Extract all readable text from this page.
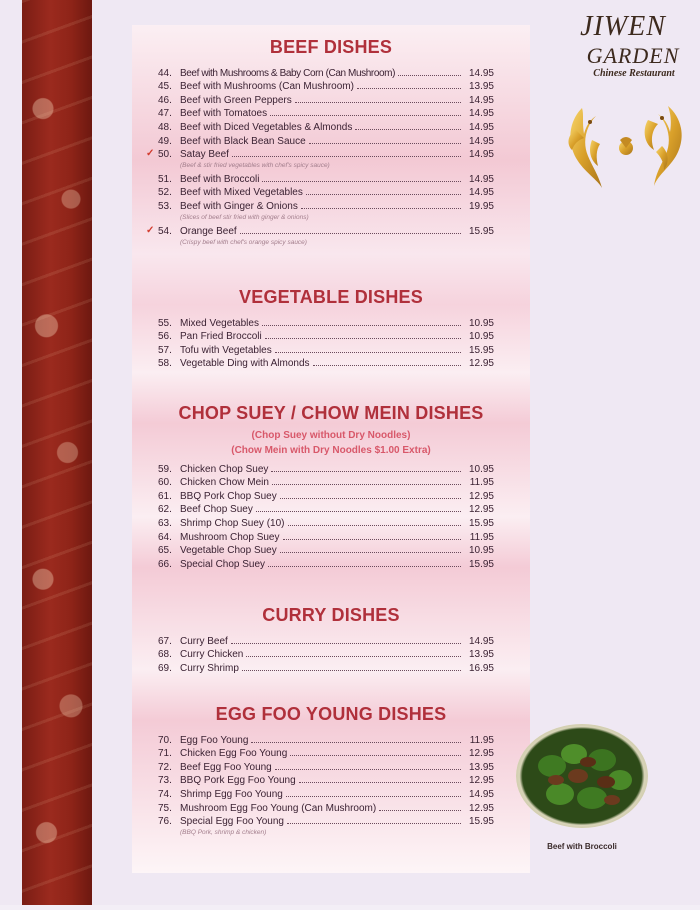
BEEF DISHES
44. Beef with Mushrooms & Baby Corn (Can Mushroom)	14.95
45. Beef with Mushrooms (Can Mushroom)	13.95
46. Beef with Green Peppers	14.95
47. Beef with Tomatoes	14.95
48. Beef with Diced Vegetables & Almonds	14.95
49. Beef with Black Bean Sauce	14.95
✓ 50. Satay Beef	14.95
(Beef & stir fried vegetables with chef's spicy sauce)
51. Beef with Broccoli	14.95
52. Beef with Mixed Vegetables	14.95
53. Beef with Ginger & Onions	19.95
(Slices of beef stir fried with ginger & onions)
✓ 54. Orange Beef	15.95
(Crispy beef with chef's orange spicy sauce)
VEGETABLE DISHES
55. Mixed Vegetables	10.95
56. Pan Fried Broccoli	10.95
57. Tofu with Vegetables	15.95
58. Vegetable Ding with Almonds	12.95
CHOP SUEY / CHOW MEIN DISHES
(Chop Suey without Dry Noodles)
(Chow Mein with Dry Noodles $1.00 Extra)
59. Chicken Chop Suey	10.95
60. Chicken Chow Mein	11.95
61. BBQ Pork Chop Suey	12.95
62. Beef Chop Suey	12.95
63. Shrimp Chop Suey (10)	15.95
64. Mushroom Chop Suey	11.95
65. Vegetable Chop Suey	10.95
66. Special Chop Suey	15.95
CURRY DISHES
67. Curry Beef	14.95
68. Curry Chicken	13.95
69. Curry Shrimp	16.95
EGG FOO YOUNG DISHES
70. Egg Foo Young	11.95
71. Chicken Egg Foo Young	12.95
72. Beef Egg Foo Young	13.95
73. BBQ Pork Egg Foo Young	12.95
74. Shrimp Egg Foo Young	14.95
75. Mushroom Egg Foo Young (Can Mushroom)	12.95
76. Special Egg Foo Young	15.95
(BBQ Pork, shrimp & chicken)
JIWEN
GARDEN
Chinese Restaurant
Beef with Broccoli
